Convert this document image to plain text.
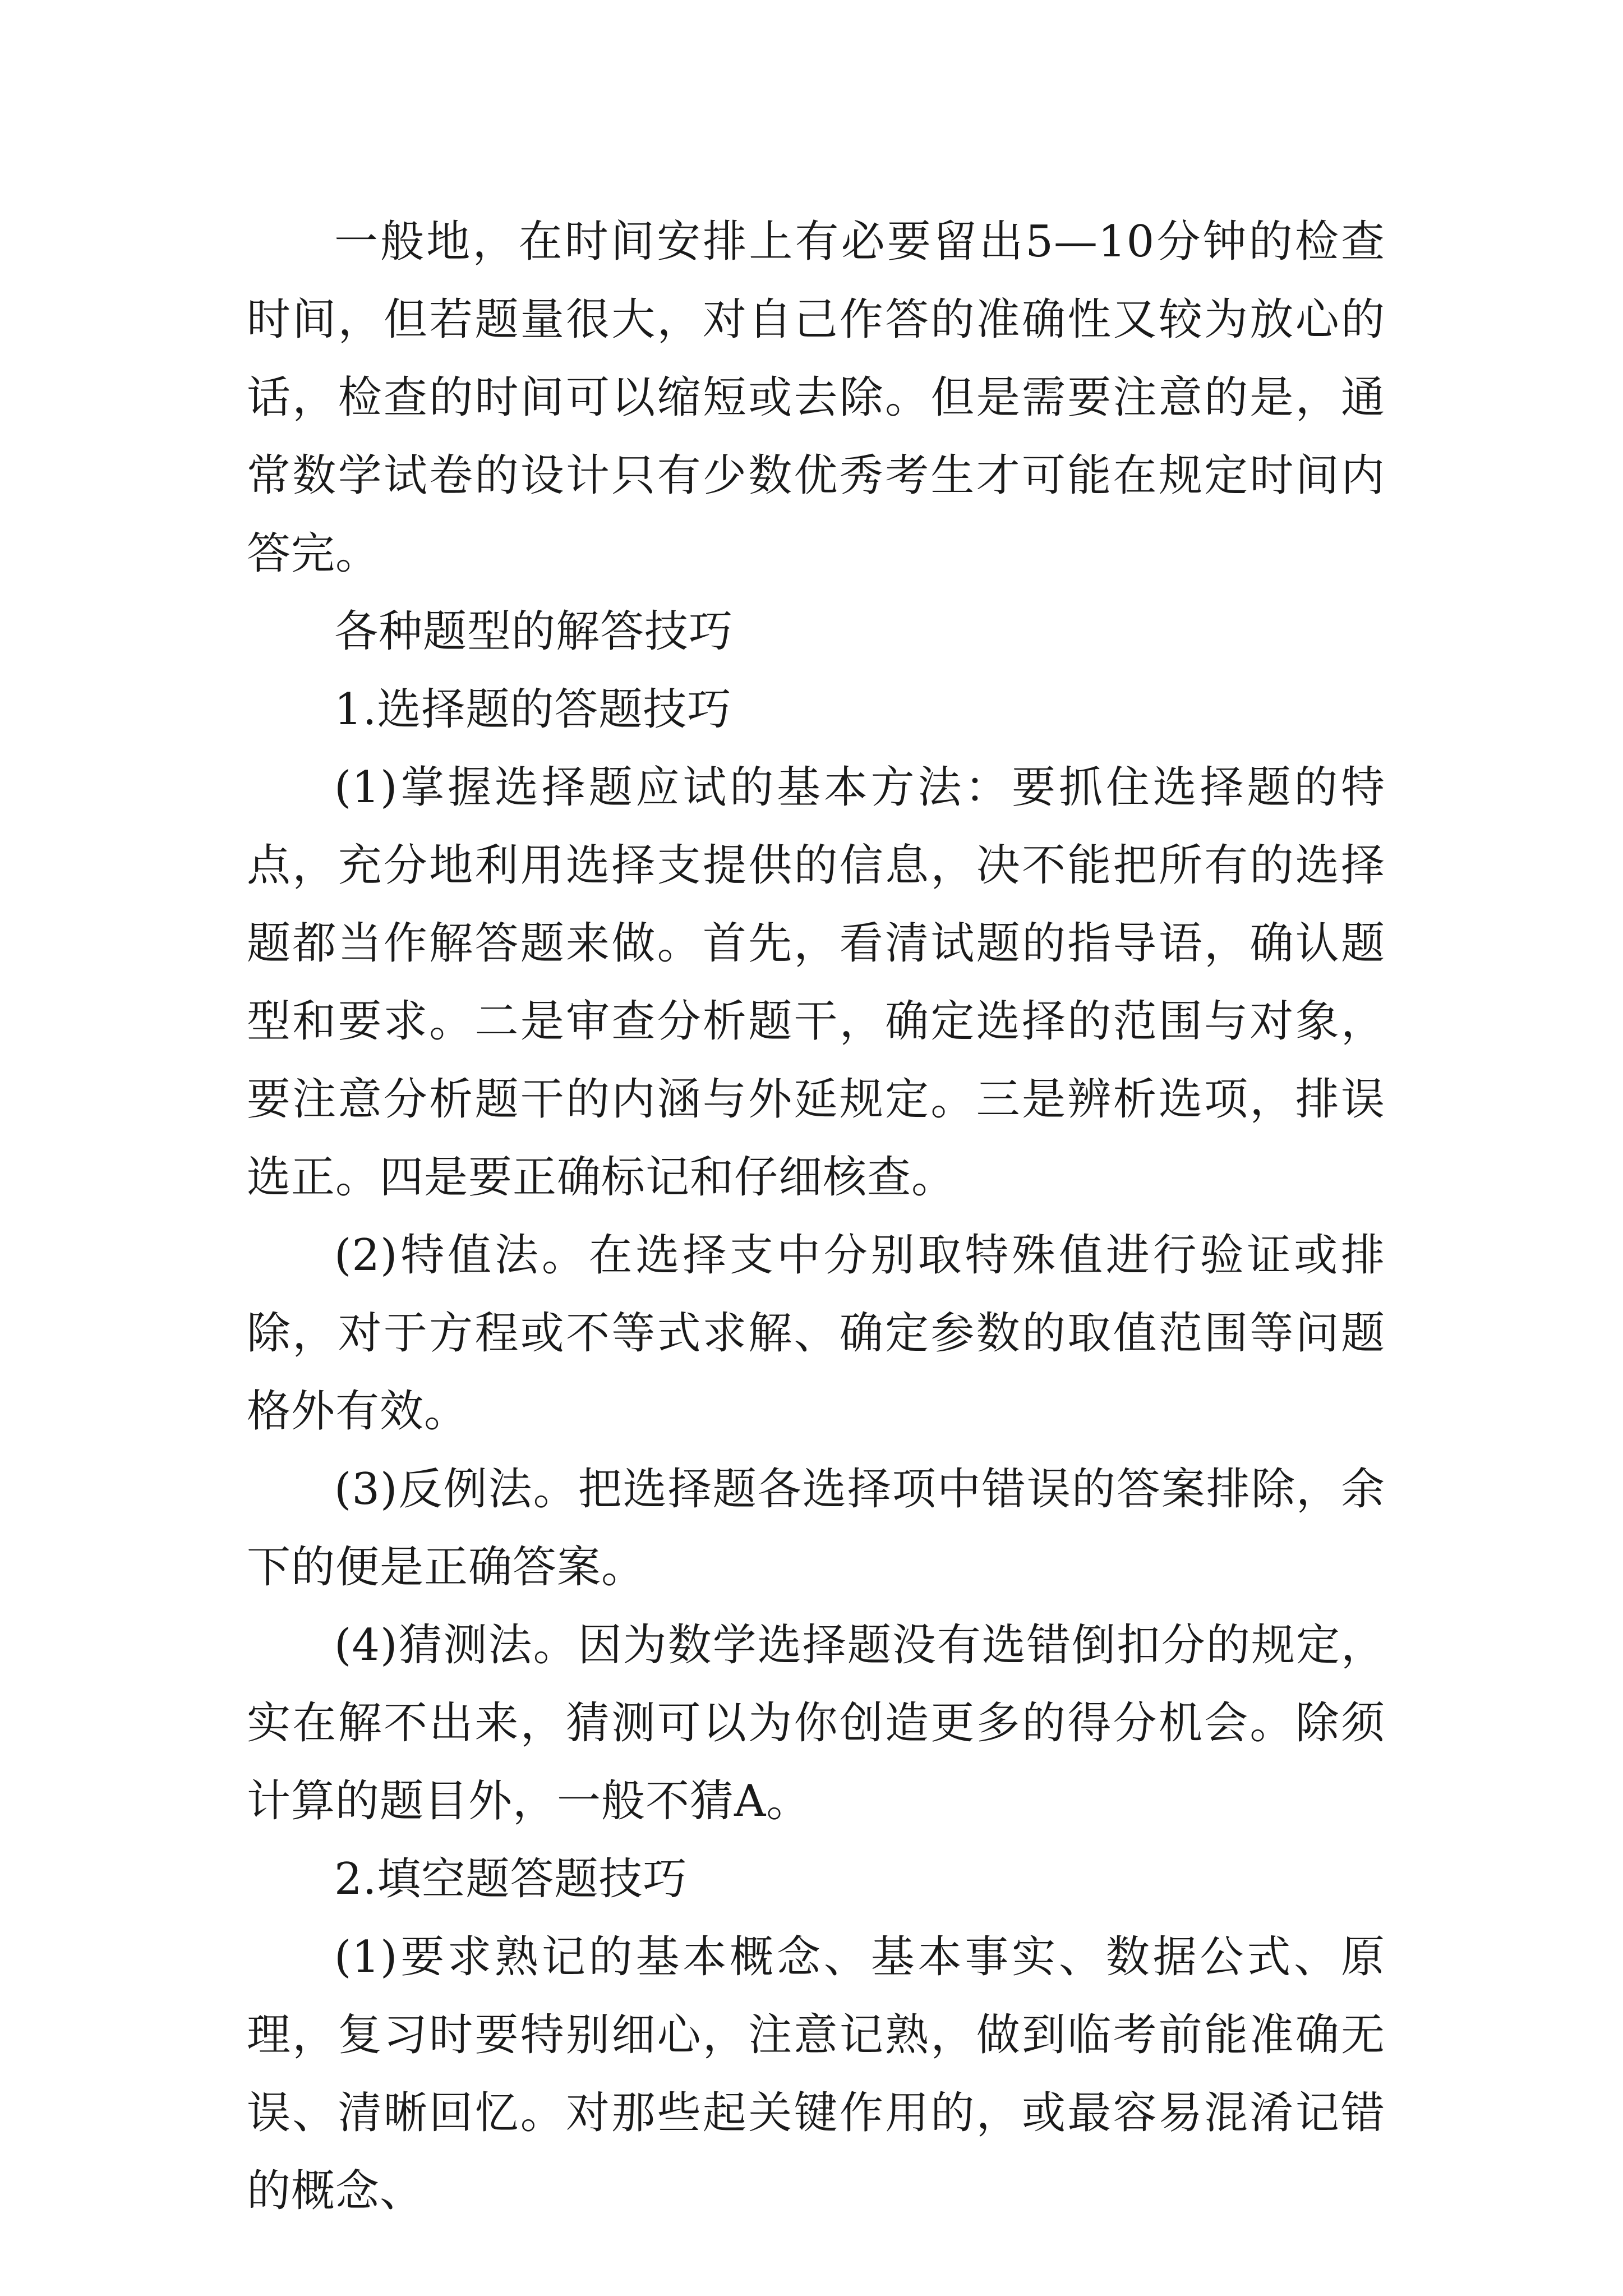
一般地，在时间安排上有必要留出5—10分钟的检查时间，但若题量很大，对自己作答的准确性又较为放心的话，检查的时间可以缩短或去除。但是需要注意的是，通常数学试卷的设计只有少数优秀考生才可能在规定时间内答完。

各种题型的解答技巧

1.选择题的答题技巧

(1)掌握选择题应试的基本方法：要抓住选择题的特点，充分地利用选择支提供的信息，决不能把所有的选择题都当作解答题来做。首先，看清试题的指导语，确认题型和要求。二是审查分析题干，确定选择的范围与对象，要注意分析题干的内涵与外延规定。三是辨析选项，排误选正。四是要正确标记和仔细核查。

(2)特值法。在选择支中分别取特殊值进行验证或排除，对于方程或不等式求解、确定参数的取值范围等问题格外有效。

(3)反例法。把选择题各选择项中错误的答案排除，余下的便是正确答案。

(4)猜测法。因为数学选择题没有选错倒扣分的规定，实在解不出来，猜测可以为你创造更多的得分机会。除须计算的题目外，一般不猜A。

2.填空题答题技巧

(1)要求熟记的基本概念、基本事实、数据公式、原理，复习时要特别细心，注意记熟，做到临考前能准确无误、清晰回忆。对那些起关键作用的，或最容易混淆记错的概念、
